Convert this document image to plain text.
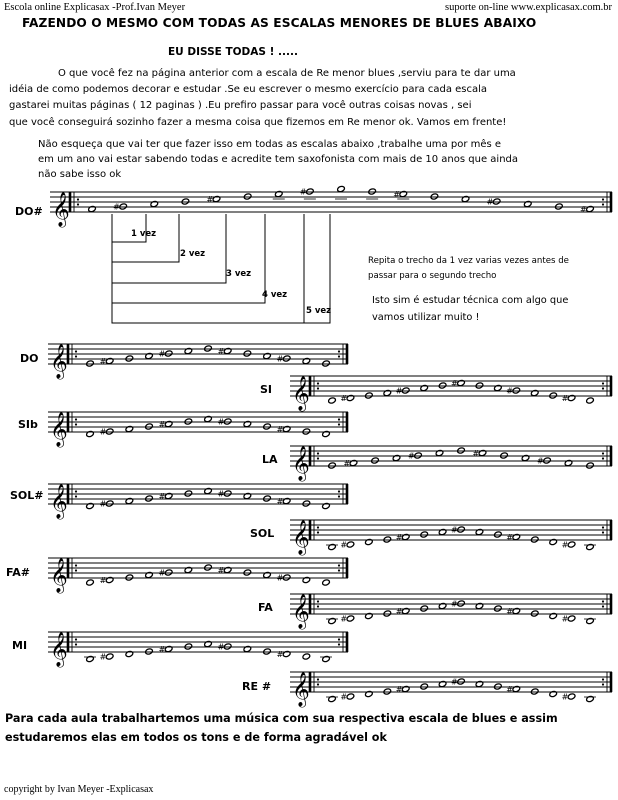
𝄞	#
#
#	#
#
#
𝄞	#
#	#
#
𝄞	#
#
#
#
#
𝄞	#
#	#
#
𝄞	#
#	#
#
𝄞	#
#	#
#
𝄞	#
#
#
#
#
𝄞	#
#	#
#
𝄞	#
#
#
#
#
𝄞	#
#	#
#
𝄞	#
#
#
#
#
Escola online Explicasax -Prof.Ivan Meyer	suporte on-line www.explicasax.com.br
FAZENDO O MESMO COM TODAS AS ESCALAS MENORES DE BLUES ABAIXO
EU DISSE TODAS ! .....
O que você fez na página anterior com a escala de Re menor blues ,serviu para te dar uma
idéia de como podemos decorar e estudar .Se eu escrever o mesmo exercício para cada escala
gastarei muitas páginas ( 12 paginas ) .Eu prefiro passar para você outras coisas novas , sei
que você conseguirá sozinho fazer a mesma coisa que fizemos em Re menor ok. Vamos em frente!
Não esqueça que vai ter que fazer isso em todas as escalas abaixo ,trabalhe uma por mês e
em um ano vai estar sabendo todas e acredite tem saxofonista com mais de 10 anos que ainda
não sabe isso ok
1 vez
2 vez
3 vez
4 vez
5 vez
Repita o trecho da 1 vez varias vezes antes de
passar para o segundo trecho
Isto sim é estudar técnica com algo que
vamos utilizar muito !
DO#
DO
SI
SIb
LA
SOL#
SOL
FA#
FA
MI
RE #
Para cada aula trabalhartemos uma música com sua respectiva escala de blues e assim
estudaremos elas em todos os tons e de forma agradável ok
copyright by Ivan Meyer -Explicasax
